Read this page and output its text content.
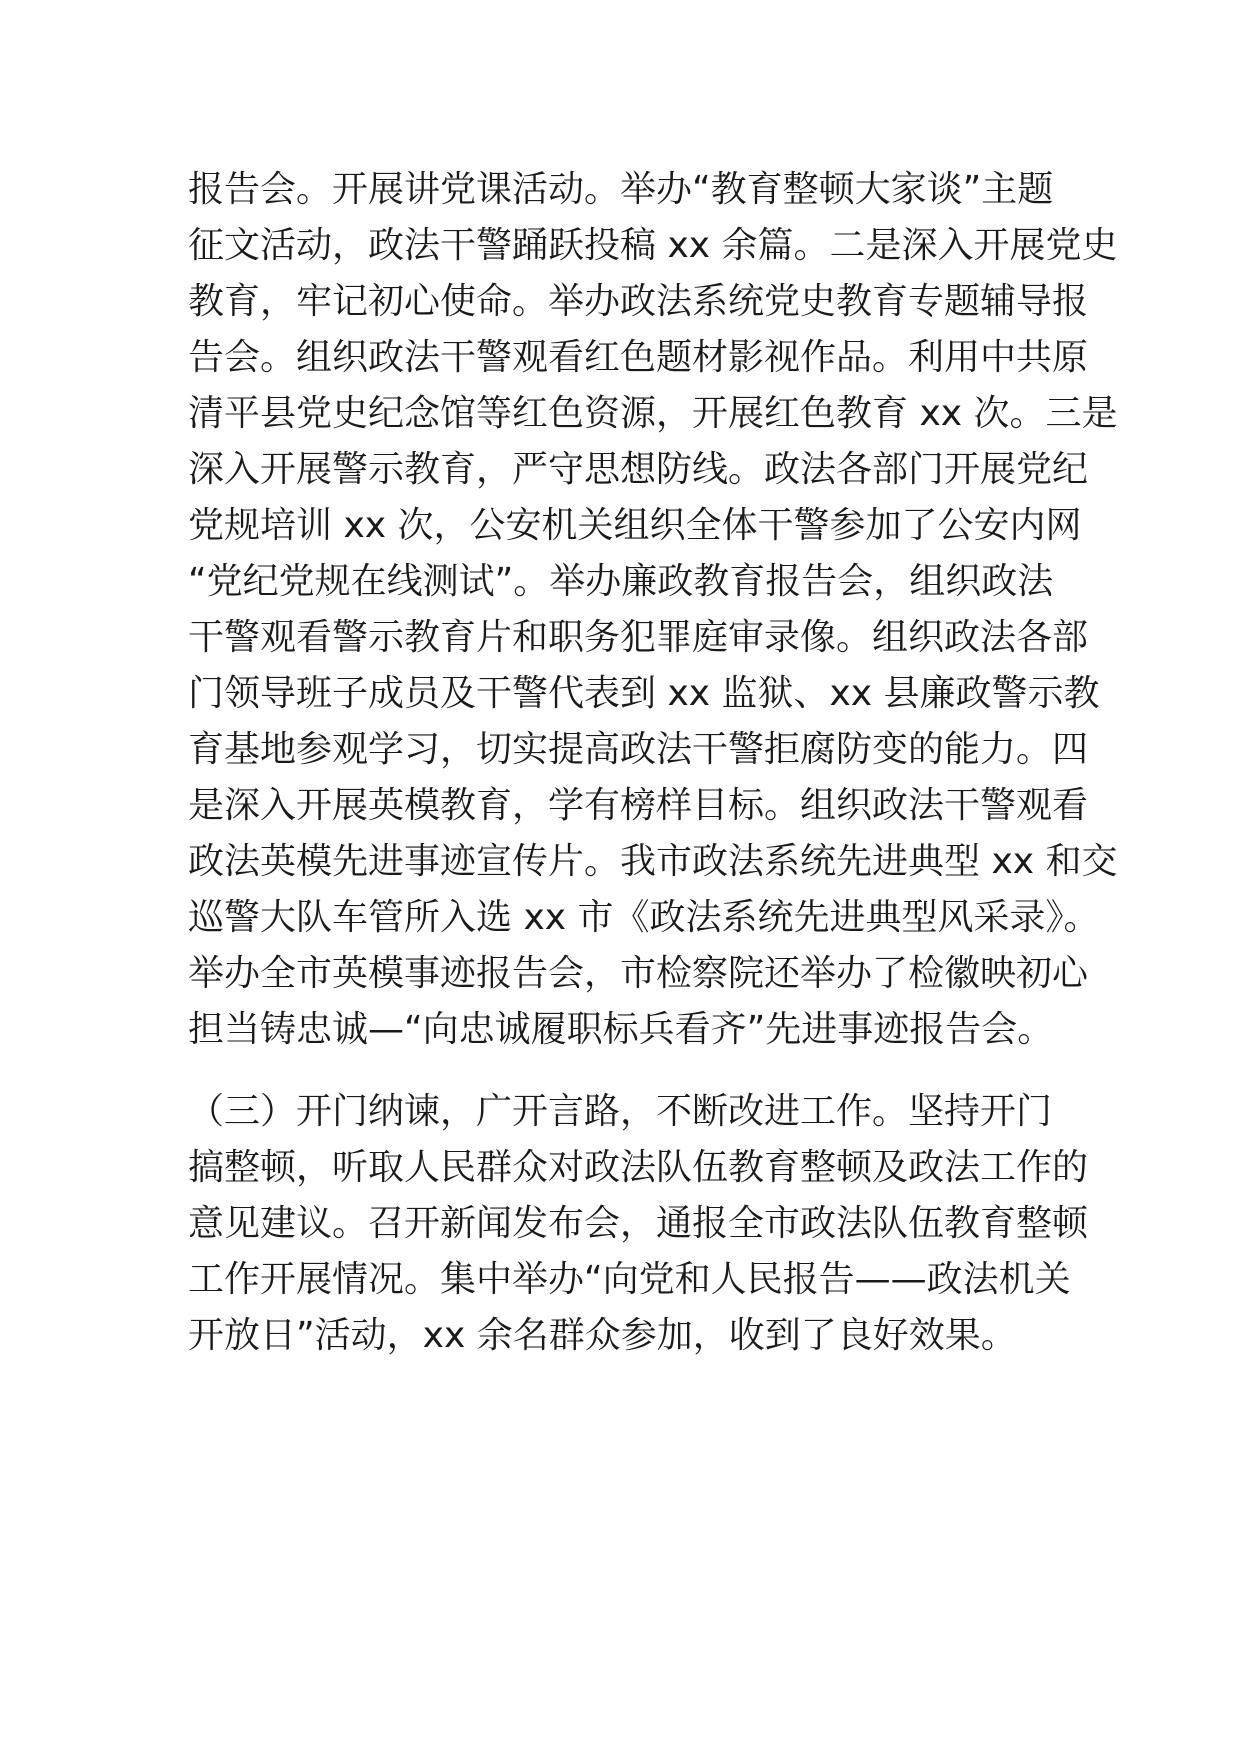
报告会。开展讲党课活动。举办“教育整顿大家谈”主题
征文活动，政法干警踊跃投稿 xx 余篇。二是深入开展党史
教育，牢记初心使命。举办政法系统党史教育专题辅导报
告会。组织政法干警观看红色题材影视作品。利用中共原
清平县党史纪念馆等红色资源，开展红色教育 xx 次。三是
深入开展警示教育，严守思想防线。政法各部门开展党纪
党规培训 xx 次，公安机关组织全体干警参加了公安内网
“党纪党规在线测试”。举办廉政教育报告会，组织政法
干警观看警示教育片和职务犯罪庭审录像。组织政法各部
门领导班子成员及干警代表到 xx 监狱、xx 县廉政警示教
育基地参观学习，切实提高政法干警拒腐防变的能力。四
是深入开展英模教育，学有榜样目标。组织政法干警观看
政法英模先进事迹宣传片。我市政法系统先进典型 xx 和交
巡警大队车管所入选 xx 市《政法系统先进典型风采录》。
举办全市英模事迹报告会，市检察院还举办了检徽映初心
担当铸忠诚—“向忠诚履职标兵看齐”先进事迹报告会。
（三）开门纳谏，广开言路，不断改进工作。坚持开门
搞整顿，听取人民群众对政法队伍教育整顿及政法工作的
意见建议。召开新闻发布会，通报全市政法队伍教育整顿
工作开展情况。集中举办“向党和人民报告——政法机关
开放日”活动，xx 余名群众参加，收到了良好效果。
